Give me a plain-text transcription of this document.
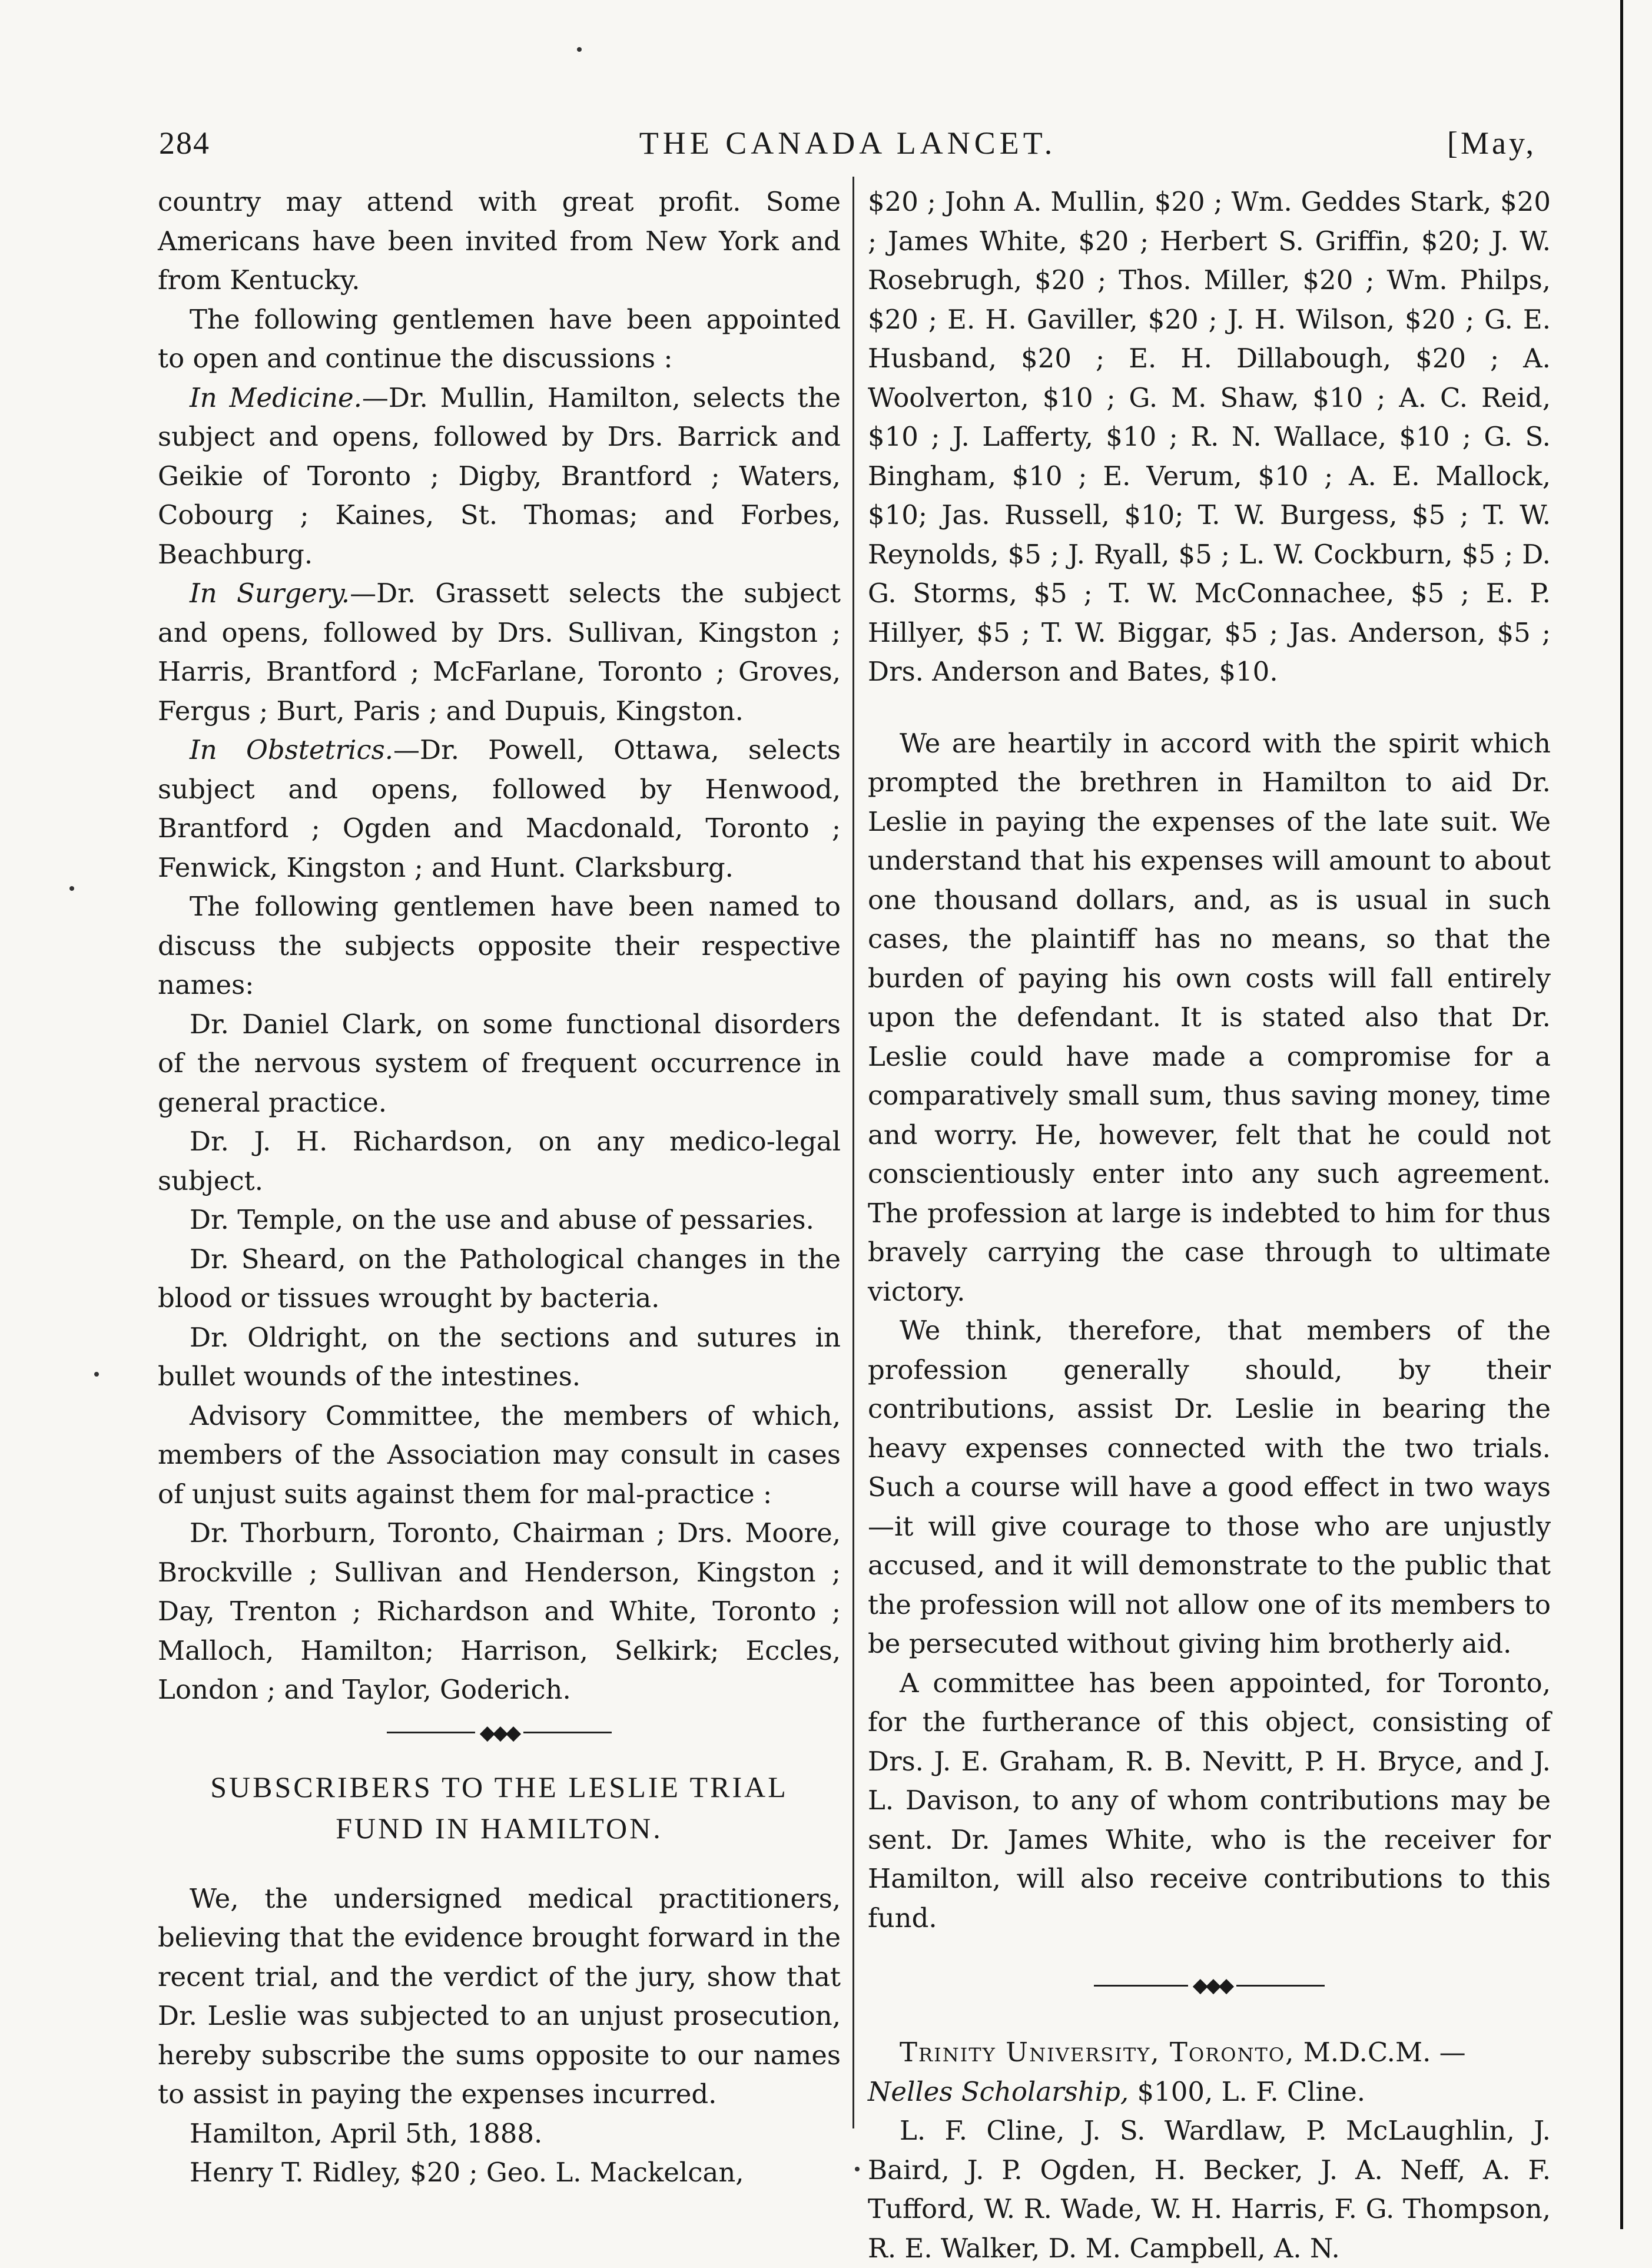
284	THE CANADA LANCET.	[May,

country may attend with great profit. Some Americans have been invited from New York and from Kentucky.

The following gentlemen have been appointed to open and continue the discussions :

In Medicine.—Dr. Mullin, Hamilton, selects the subject and opens, followed by Drs. Barrick and Geikie of Toronto ; Digby, Brantford ; Waters, Cobourg ; Kaines, St. Thomas; and Forbes, Beachburg.

In Surgery.—Dr. Grassett selects the subject and opens, followed by Drs. Sullivan, Kingston ; Harris, Brantford ; McFarlane, Toronto ; Groves, Fergus ; Burt, Paris ; and Dupuis, Kingston.

In Obstetrics.—Dr. Powell, Ottawa, selects subject and opens, followed by Henwood, Brantford ; Ogden and Macdonald, Toronto ; Fenwick, Kingston ; and Hunt. Clarksburg.

The following gentlemen have been named to discuss the subjects opposite their respective names:

Dr. Daniel Clark, on some functional disorders of the nervous system of frequent occurrence in general practice.

Dr. J. H. Richardson, on any medico-legal subject.

Dr. Temple, on the use and abuse of pessaries.

Dr. Sheard, on the Pathological changes in the blood or tissues wrought by bacteria.

Dr. Oldright, on the sections and sutures in bullet wounds of the intestines.

Advisory Committee, the members of which, members of the Association may consult in cases of unjust suits against them for mal-practice :

Dr. Thorburn, Toronto, Chairman ; Drs. Moore, Brockville ; Sullivan and Henderson, Kingston ; Day, Trenton ; Richardson and White, Toronto ; Malloch, Hamilton; Harrison, Selkirk; Eccles, London ; and Taylor, Goderich.

◆◆◆
SUBSCRIBERS TO THE LESLIE TRIAL
FUND IN HAMILTON.

We, the undersigned medical practitioners, believing that the evidence brought forward in the recent trial, and the verdict of the jury, show that Dr. Leslie was subjected to an unjust prosecution, hereby subscribe the sums opposite to our names to assist in paying the expenses incurred.

Hamilton, April 5th, 1888.

Henry T. Ridley, $20 ; Geo. L. Mackelcan,

$20 ; John A. Mullin, $20 ; Wm. Geddes Stark, $20 ; James White, $20 ; Herbert S. Griffin, $20; J. W. Rosebrugh, $20 ; Thos. Miller, $20 ; Wm. Philps, $20 ; E. H. Gaviller, $20 ; J. H. Wilson, $20 ; G. E. Husband, $20 ; E. H. Dillabough, $20 ; A. Woolverton, $10 ; G. M. Shaw, $10 ; A. C. Reid, $10 ; J. Lafferty, $10 ; R. N. Wallace, $10 ; G. S. Bingham, $10 ; E. Verum, $10 ; A. E. Mallock, $10; Jas. Russell, $10; T. W. Burgess, $5 ; T. W. Reynolds, $5 ; J. Ryall, $5 ; L. W. Cockburn, $5 ; D. G. Storms, $5 ; T. W. McConnachee, $5 ; E. P. Hillyer, $5 ; T. W. Biggar, $5 ; Jas. Anderson, $5 ; Drs. Anderson and Bates, $10.

We are heartily in accord with the spirit which prompted the brethren in Hamilton to aid Dr. Leslie in paying the expenses of the late suit. We understand that his expenses will amount to about one thousand dollars, and, as is usual in such cases, the plaintiff has no means, so that the burden of paying his own costs will fall entirely upon the defendant. It is stated also that Dr. Leslie could have made a compromise for a comparatively small sum, thus saving money, time and worry. He, however, felt that he could not conscientiously enter into any such agreement. The profession at large is indebted to him for thus bravely carrying the case through to ultimate victory.

We think, therefore, that members of the profession generally should, by their contributions, assist Dr. Leslie in bearing the heavy expenses connected with the two trials. Such a course will have a good effect in two ways—it will give courage to those who are unjustly accused, and it will demonstrate to the public that the profession will not allow one of its members to be persecuted without giving him brotherly aid.

A committee has been appointed, for Toronto, for the furtherance of this object, consisting of Drs. J. E. Graham, R. B. Nevitt, P. H. Bryce, and J. L. Davison, to any of whom contributions may be sent. Dr. James White, who is the receiver for Hamilton, will also receive contributions to this fund.

◆◆◆

Trinity University, Toronto, M.D.C.M. —
Nelles Scholarship, $100, L. F. Cline.

L. F. Cline, J. S. Wardlaw, P. McLaughlin, J. Baird, J. P. Ogden, H. Becker, J. A. Neff, A. F. Tufford, W. R. Wade, W. H. Harris, F. G. Thompson, R. E. Walker, D. M. Campbell, A. N.
